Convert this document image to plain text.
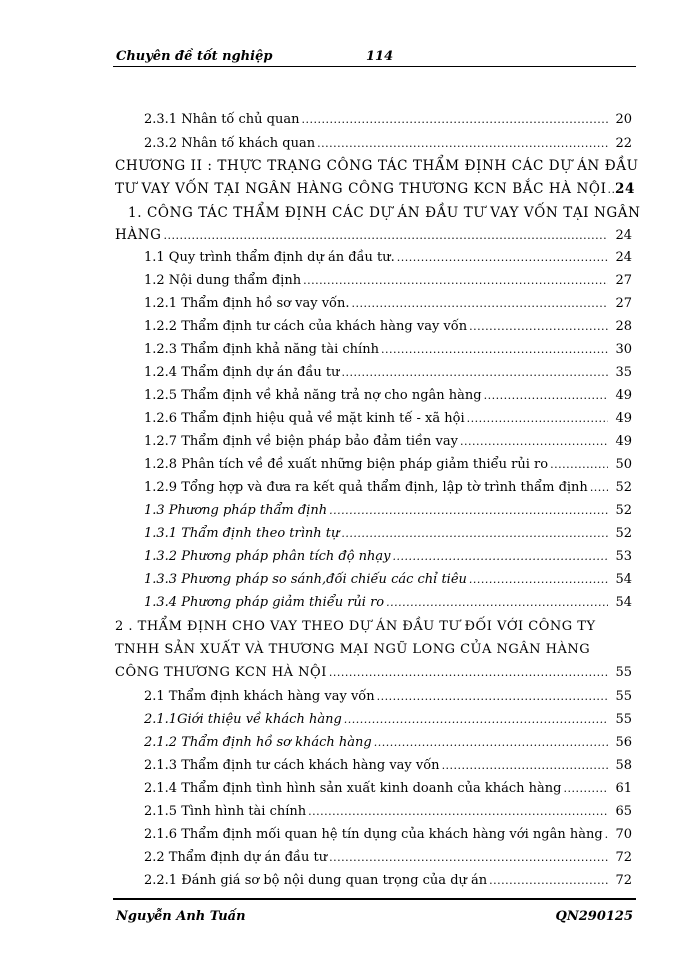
Chuyên đề tốt nghiệp	114
2.3.1 Nhân tố chủ quan .....	20
2.3.2 Nhân tố khách quan .....	22
CHƯƠNG II : THỰC TRẠNG CÔNG TÁC THẨM ĐỊNH CÁC DỰ ÁN ĐẦU
TƯ VAY VỐN TẠI NGÂN HÀNG CÔNG THƯƠNG KCN BẮC HÀ NỘI ..... 24
1. CÔNG TÁC THẨM ĐỊNH CÁC DỰ ÁN ĐẦU TƯ VAY VỐN TẠI NGÂN
HÀNG .....	24
1.1 Quy trình thẩm định dự án đầu tư. .....	24
1.2 Nội dung thẩm định .....	27
1.2.1 Thẩm định hồ sơ vay vốn. .....	27
1.2.2 Thẩm định tư cách của khách hàng vay vốn .....	28
1.2.3 Thẩm định khả năng tài chính .....	30
1.2.4 Thẩm định dự án đầu tư .....	35
1.2.5 Thẩm định về khả năng trả nợ cho ngân hàng .....	49
1.2.6 Thẩm định hiệu quả về mặt kinh tế - xã hội .....	49
1.2.7 Thẩm định về biện pháp bảo đảm tiền vay .....	49
1.2.8 Phân tích về đề xuất những biện pháp giảm thiểu rủi ro .....	50
1.2.9 Tổng hợp và đưa ra kết quả thẩm định, lập tờ trình thẩm định .....	52
1.3 Phương pháp thẩm định .....	52
1.3.1 Thẩm định theo trình tự .....	52
1.3.2 Phương pháp phân tích độ nhạy .....	53
1.3.3 Phương pháp so sánh,đối chiếu các chỉ tiêu .....	54
1.3.4 Phương pháp giảm thiểu rủi ro .....	54
2 . THẨM ĐỊNH CHO VAY THEO DỰ ÁN ĐẦU TƯ ĐỐI VỚI CÔNG TY
TNHH SẢN XUẤT VÀ THƯƠNG MẠI NGŨ LONG CỦA NGÂN HÀNG
CÔNG THƯƠNG KCN HÀ NỘI .....	55
2.1 Thẩm định khách hàng vay vốn .....	55
2.1.1Giới thiệu về khách hàng .....	55
2.1.2 Thẩm định hồ sơ khách hàng .....	56
2.1.3 Thẩm định tư cách khách hàng vay vốn .....	58
2.1.4 Thẩm định tình hình sản xuất kinh doanh của khách hàng .....	61
2.1.5 Tình hình tài chính .....	65
2.1.6 Thẩm định mối quan hệ tín dụng của khách hàng với ngân hàng ..... 70
2.2 Thẩm định dự án đầu tư .....	72
2.2.1 Đánh giá sơ bộ nội dung quan trọng của dự án .....	72
Nguyễn Anh Tuấn	QN290125
